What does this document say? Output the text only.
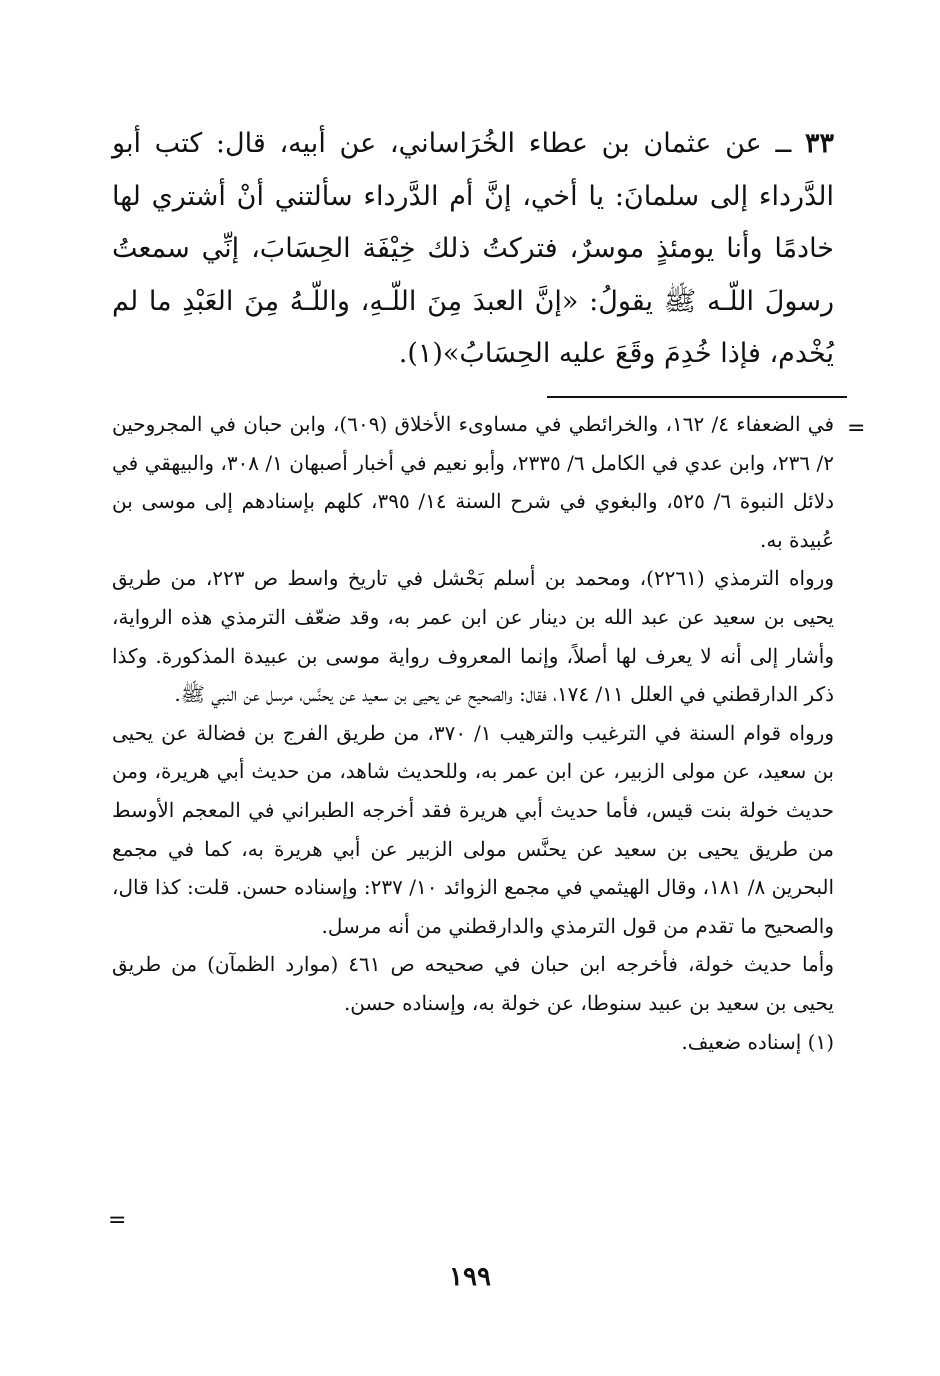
٣٣ ــ عن عثمان بن عطاء الخُرَاساني، عن أبيه، قال: كتب أبو الدَّرداء إلى سلمانَ: يا أخي، إنَّ أم الدَّرداء سألتني أنْ أشتري لها خادمًا وأنا يومئذٍ موسرٌ، فتركتُ ذلك خِيْفَة الحِسَابَ، إنِّي سمعتُ رسولَ اللّـه ﷺ يقولُ: «إنَّ العبدَ مِنَ اللّـهِ، واللّـهُ مِنَ العَبْدِ ما لم يُخْدم، فإذا خُدِمَ وقَعَ عليه الحِسَابُ»(١).

=

في الضعفاء ٤/ ١٦٢، والخرائطي في مساوىء الأخلاق (٦٠٩)، وابن حبان في المجروحين ٢/ ٢٣٦، وابن عدي في الكامل ٦/ ٢٣٣٥، وأبو نعيم في أخبار أصبهان ١/ ٣٠٨، والبيهقي في دلائل النبوة ٦/ ٥٢٥، والبغوي في شرح السنة ١٤/ ٣٩٥، كلهم بإسنادهم إلى موسى بن عُبيدة به.

ورواه الترمذي (٢٢٦١)، ومحمد بن أسلم بَحْشل في تاريخ واسط ص ٢٢٣، من طريق يحيى بن سعيد عن عبد الله بن دينار عن ابن عمر به، وقد ضعّف الترمذي هذه الرواية، وأشار إلى أنه لا يعرف لها أصلاً، وإنما المعروف رواية موسى بن عبيدة المذكورة. وكذا ذكر الدارقطني في العلل ١١/ ١٧٤، فقال: والصحيح عن يحيى بن سعيد عن يحنَّس، مرسل عن النبي ﷺ.

ورواه قوام السنة في الترغيب والترهيب ١/ ٣٧٠، من طريق الفرج بن فضالة عن يحيى بن سعيد، عن مولى الزبير، عن ابن عمر به، وللحديث شاهد، من حديث أبي هريرة، ومن حديث خولة بنت قيس، فأما حديث أبي هريرة فقد أخرجه الطبراني في المعجم الأوسط من طريق يحيى بن سعيد عن يحنَّس مولى الزبير عن أبي هريرة به، كما في مجمع البحرين ٨/ ١٨١، وقال الهيثمي في مجمع الزوائد ١٠/ ٢٣٧: وإسناده حسن. قلت: كذا قال، والصحيح ما تقدم من قول الترمذي والدارقطني من أنه مرسل.

وأما حديث خولة، فأخرجه ابن حبان في صحيحه ص ٤٦١ (موارد الظمآن) من طريق يحيى بن سعيد بن عبيد سنوطا، عن خولة به، وإسناده حسن.

(١) إسناده ضعيف.

=
١٩٩
